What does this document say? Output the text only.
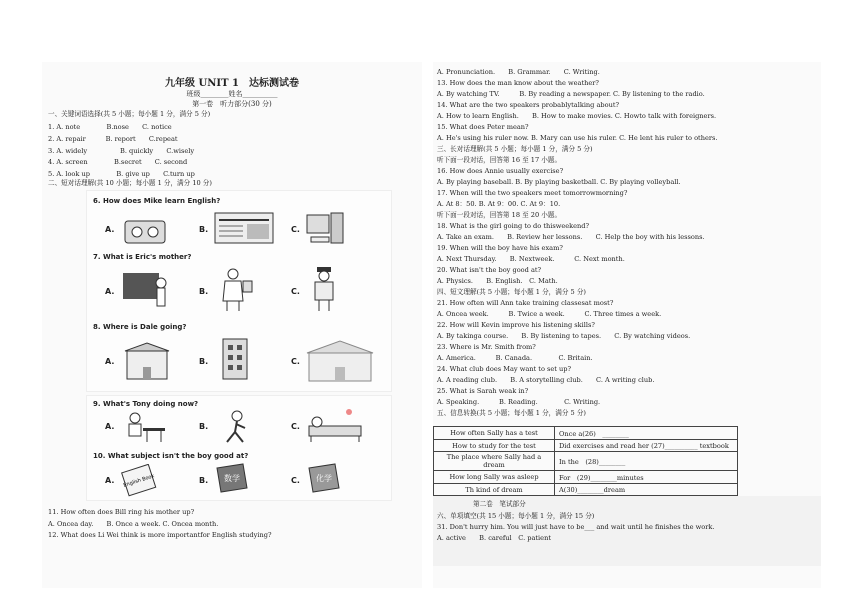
九年级 UNIT 1　达标测试卷
班级________姓名__________
第一卷　听力部分(30 分)
一、关键词语选择(共 5 小题；每小题 1 分，满分 5 分)
1. A. note　　　　B.nose　　C. notice
2. A. repair　　　B. report　　C.repeat
3. A. widely　　　　　B. quickly　　C.wisely
4. A. screen　　　　B.secret　　C. second
5. A. look up　　　　B. give up　　C.turn up
二、短对话理解(共 10 小题；每小题 1 分，满分 10 分)
6. How does Mike learn English?
A.	B.	C.
7. What is Eric's mother?
A.	B.	C.
8. Where is Dale going?
A.	B.	C.
9. What's Tony doing now?
A.	B.	C.
10. What subject isn't the boy good at?
A. English Book	B. 数学	C. 化学
11. How often does Bill ring his mother up?
A. Oncea day.　　B. Once a week. C. Oncea month.
12. What does Li Wei think is more importantfor English studying?
A. Pronunciation.　　B. Grammar.　　C. Writing.
13. How does the man know about the weather?
A. By watching TV.　　　B. By reading a newspaper. C. By listening to the radio.
14. What are the two speakers probablytalking about?
A. How to learn English.　　B. How to make movies. C. Howto talk with foreigners.
15. What does Peter mean?
A. He's using his ruler now. B. Mary can use his ruler. C. He lent his ruler to others.
三、长对话理解(共 5 小题；每小题 1 分，满分 5 分)
听下面一段对话，回答第 16 至 17 小题。
16. How does Annie usually exercise?
A. By playing baseball. B. By playing basketball. C. By playing volleyball.
17. When will the two speakers meet tomorrowmorning?
A. At 8：50. B. At 9：00. C. At 9：10.
听下面一段对话，回答第 18 至 20 小题。
18. What is the girl going to do thisweekend?
A. Take an exam.　　B. Review her lessons.　　C. Help the boy with his lessons.
19. When will the boy have his exam?
A. Next Thursday.　　B. Nextweek.　　　C. Next month.
20. What isn't the boy good at?
A. Physics.　　B. English.　C. Math.
四、短文理解(共 5 小题；每小题 1 分，满分 5 分)
21. How often will Ann take training classesat most?
A. Oncea week.　　　B. Twice a week.　　　C. Three times a week.
22. How will Kevin improve his listening skills?
A. By takinga course.　　B. By listening to tapes.　　C. By watching videos.
23. Where is Mr. Smith from?
A. America.　　　B. Canada.　　　　C. Britain.
24. What club does May want to set up?
A. A reading club.　　B. A storytelling club.　　C. A writing club.
25. What is Sarah weak in?
A. Speaking.　　　B. Reading.　　　　C. Writing.
五、信息转换(共 5 小题；每小题 1 分，满分 5 分)
How often Sally has a test	Once a(26)　________
How to study for the test	Did exercises and read her (27)__________ textbook
The place where Sally had a dream	In the　(28)________
How long Sally was asleep	For　(29)________minutes
Th kind of dream	A(30)________dream
第二卷　笔试部分
六、单项填空(共 15 小题；每小题 1 分，满分 15 分)
31. Don't hurry him. You will just have to be___ and wait until he finishes the work.
A. active　　B. careful　C. patient
